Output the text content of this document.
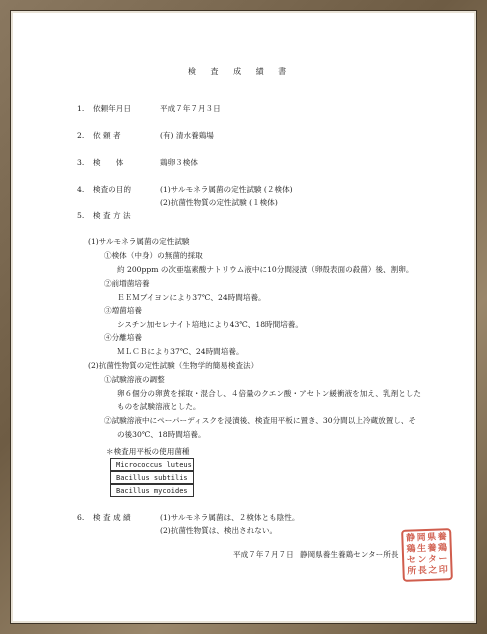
検 査 成 績 書
1. 依頼年月日	平成７年７月３日
2. 依 頼 者	(有) 清水養鶏場
3. 検　　体	鶏卵３検体
4. 検査の目的	(1)サルモネラ属菌の定性試験 (２検体)
(2)抗菌性物質の定性試験 (１検体)
5. 検 査 方 法
(1)サルモネラ属菌の定性試験
①検体（中身）の無菌的採取
約 200ppm の次亜塩素酸ナトリウム液中に10分間浸漬（卵殻表面の殺菌）後、割卵。
②前増菌培養
ＥＥＭブイヨンにより37℃、24時間培養。
③増菌培養
シスチン加セレナイト培地により43℃、18時間培養。
④分離培養
ＭＬＣＢにより37℃、24時間培養。
(2)抗菌性物質の定性試験（生物学的簡易検査法）
①試験溶液の調整
卵６個分の卵黄を採取・混合し、４倍量のクエン酸・アセトン緩衝液を加え、乳剤とした
ものを試験溶液とした。
②試験溶液中にペーパーディスクを浸漬後、検査用平板に置き、30分間以上冷蔵放置し、そ
の後30℃、18時間培養。
＊検査用平板の使用菌種
Micrococcus luteus
Bacillus subtilis
Bacillus mycoides
6. 検 査 成 績	(1)サルモネラ属菌は、２検体とも陰性。
(2)抗菌性物質は、検出されない。
平成７年７月７日 静岡県養生養鶏センター所長
静 岡 県 養
鶏 生 養 鶏
セ ン タ ー
所 長 之 印
